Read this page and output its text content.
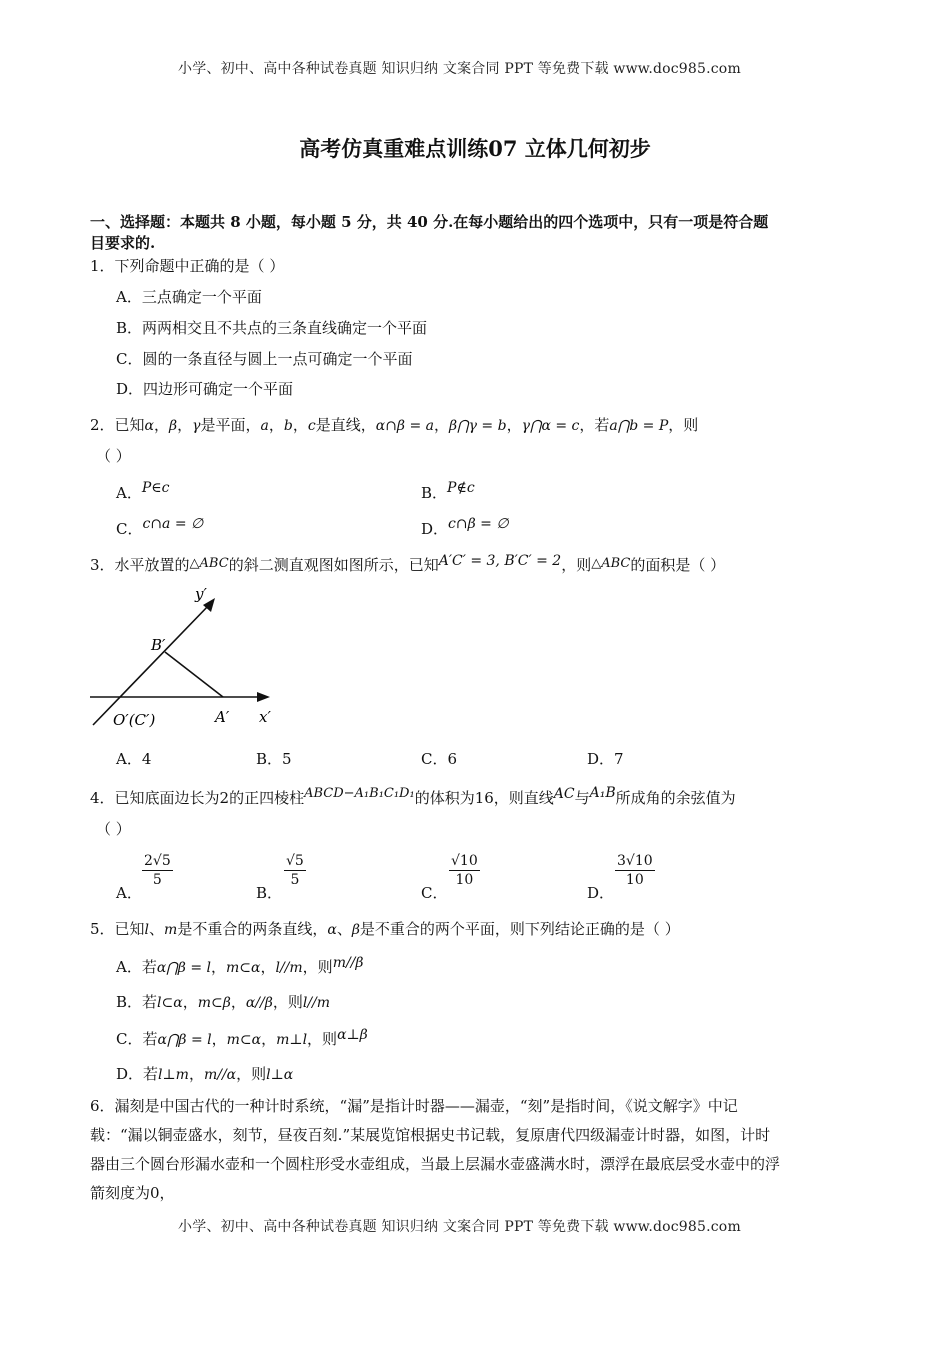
小学、初中、高中各种试卷真题 知识归纳 文案合同 PPT 等免费下载 www.doc985.com
小学、初中、高中各种试卷真题 知识归纳 文案合同 PPT 等免费下载 www.doc985.com
高考仿真重难点训练07 立体几何初步
一、选择题：本题共 8 小题，每小题 5 分，共 40 分.在每小题给出的四个选项中，只有一项是符合题
目要求的.
1．下列命题中正确的是（ ）
A．三点确定一个平面
B．两两相交且不共点的三条直线确定一个平面
C．圆的一条直径与圆上一点可确定一个平面
D．四边形可确定一个平面
2．已知α，β，γ是平面，a，b，c是直线，α∩β = a，β⋂γ = b，γ⋂α = c，若a⋂b = P，则
（ ）
A．P∈c	B．P∉c
C．c∩a = ∅	D．c∩β = ∅
3．水平放置的△ABC的斜二测直观图如图所示，已知A′C′ = 3, B′C′ = 2，则△ABC的面积是（ ）
y′
x′
B′
O′(C′)	A′
A．4	B．5	C．6	D．7
4．已知底面边长为2的正四棱柱ABCD−A₁B₁C₁D₁的体积为16，则直线AC与A₁B所成角的余弦值为
（ ）
A．
2√5
5
B．
√5
5
C．
√10
10
D．
3√10
10
5．已知l、m是不重合的两条直线，α、β是不重合的两个平面，则下列结论正确的是（ ）
A．若α⋂β = l，m⊂α，l//m，则m//β
B．若l⊂α，m⊂β，α//β，则l//m
C．若α⋂β = l，m⊂α，m⊥l，则α⊥β
D．若l⊥m，m//α，则l⊥α
6．漏刻是中国古代的一种计时系统，“漏”是指计时器——漏壶，“刻”是指时间，《说文解字》中记
载：“漏以铜壶盛水，刻节，昼夜百刻.”某展览馆根据史书记载，复原唐代四级漏壶计时器，如图，计时
器由三个圆台形漏水壶和一个圆柱形受水壶组成，当最上层漏水壶盛满水时，漂浮在最底层受水壶中的浮
箭刻度为0，
